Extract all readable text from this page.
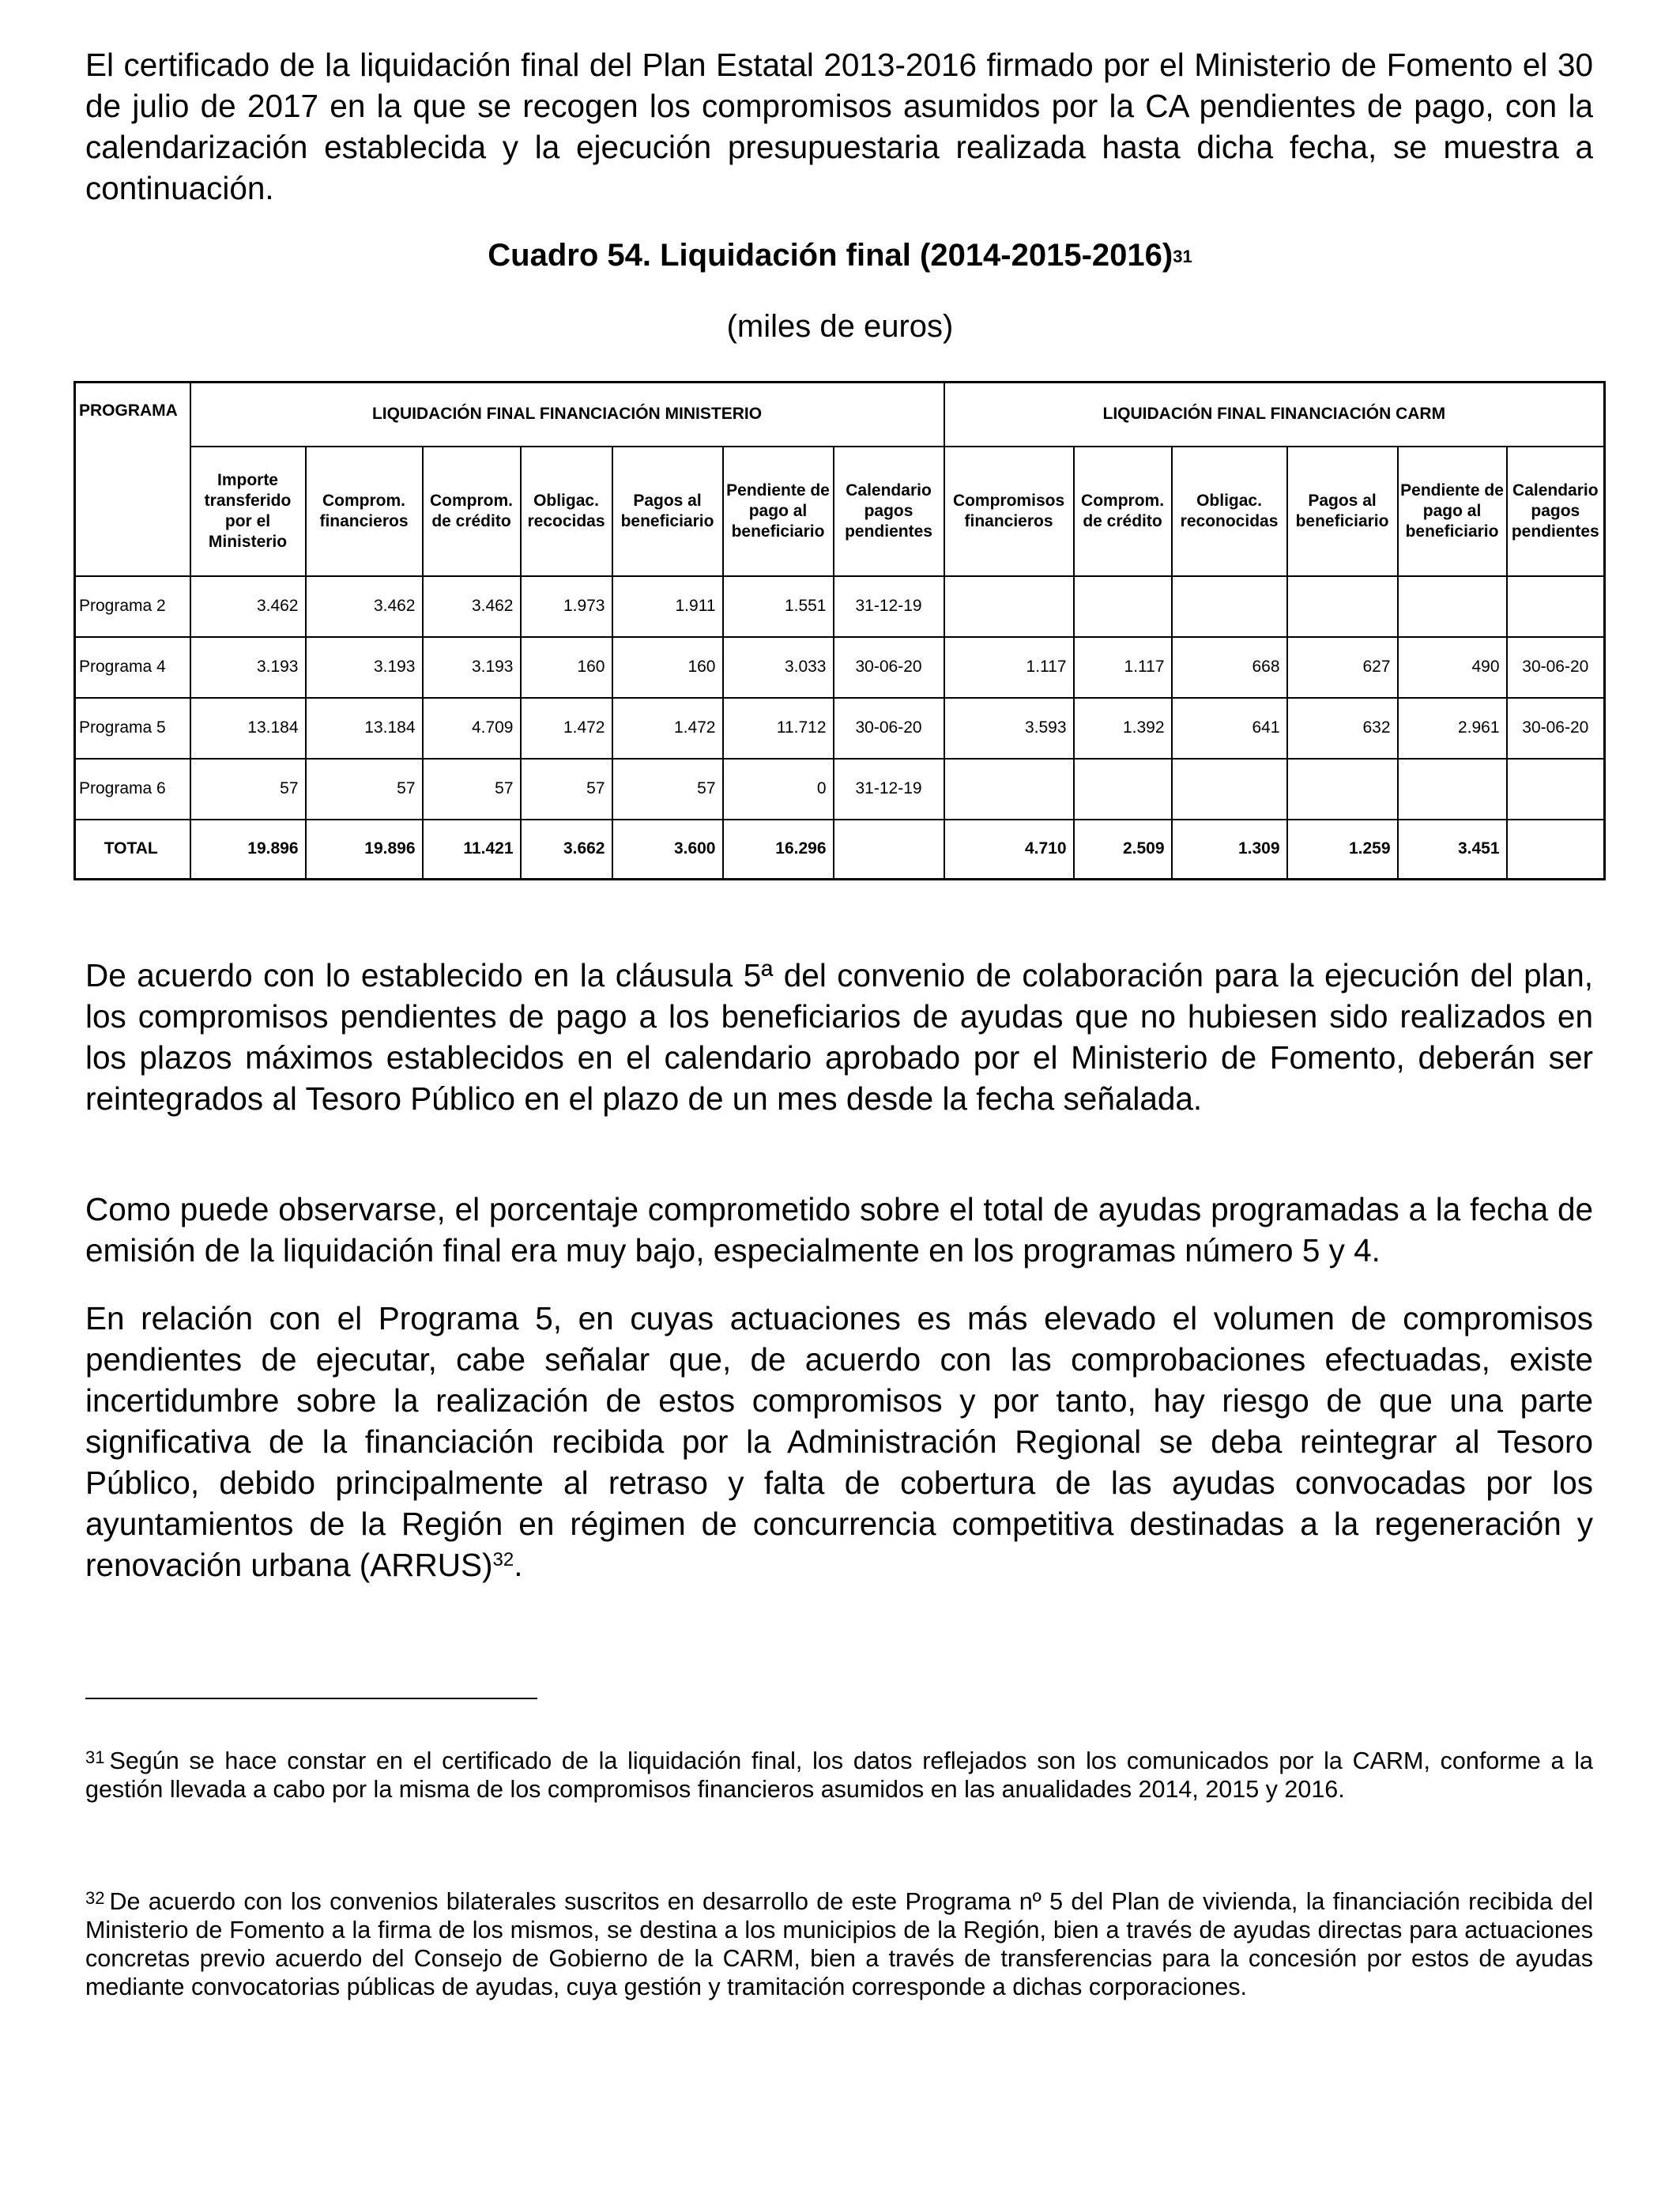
El certificado de la liquidación final del Plan Estatal 2013-2016 firmado por el Ministerio de Fomento el 30 de julio de 2017 en la que se recogen los compromisos asumidos por la CA pendientes de pago, con la calendarización establecida y la ejecución presupuestaria realizada hasta dicha fecha, se muestra a continuación.

Cuadro 54. Liquidación final $(2014-2015-2016)^{31}$
(miles de euros)
PROGRAMA	LIQUIDACIÓN FINAL FINANCIACIÓN MINISTERIO							LIQUIDACIÓN FINAL FINANCIACIÓN CARM					
	Importe transferido por el Ministerio	Comprom. financieros	Comprom. de crédito	Obligac. recocidas	Pagos al beneficiario	Pendiente de pago al beneficiario	Calendario pagos pendientes	Compromisos financieros	Comprom. de crédito	Obligac. reconocidas	Pagos al beneficiario	Pendiente de pago al beneficiario	Calendario pagos pendientes
Programa 2	3.462	3.462	3.462	1.973	1.911	1.551	31-12-19						
Programa 4	3.193	3.193	3.193	160	160	3.033	30-06-20	1.117	1.117	668	627	490	30-06-20
Programa 5	13.184	13.184	4.709	1.472	1.472	11.712	30-06-20	3.593	1.392	641	632	2.961	30-06-20
Programa 6	57	57	57	57	57	0	31-12-19						
TOTAL	19.896	19.896	11.421	3.662	3.600	16.296		4.710	2.509	1.309	1.259	3.451	

De acuerdo con lo establecido en la cláusula 5ª del convenio de colaboración para la ejecución del plan, los compromisos pendientes de pago a los beneficiarios de ayudas que no hubiesen sido realizados en los plazos máximos establecidos en el calendario aprobado por el Ministerio de Fomento, deberán ser reintegrados al Tesoro Público en el plazo de un mes desde la fecha señalada.

Como puede observarse, el porcentaje comprometido sobre el total de ayudas programadas a la fecha de emisión de la liquidación final era muy bajo, especialmente en los programas número 5 y 4.

En relación con el Programa 5, en cuyas actuaciones es más elevado el volumen de compromisos pendientes de ejecutar, cabe señalar que, de acuerdo con las comprobaciones efectuadas, existe incertidumbre sobre la realización de estos compromisos y por tanto, hay riesgo de que una parte significativa de la financiación recibida por la Administración Regional se deba reintegrar al Tesoro Público, debido principalmente al retraso y falta de cobertura de las ayudas convocadas por los ayuntamientos de la Región en régimen de concurrencia competitiva destinadas a la regeneración y renovación urbana (ARRUS)$^{32}$.

$^{31}$ Según se hace constar en el certificado de la liquidación final, los datos reflejados son los comunicados por la CARM, conforme a la gestión llevada a cabo por la misma de los compromisos financieros asumidos en las anualidades 2014, 2015 y 2016.

$^{32}$ De acuerdo con los convenios bilaterales suscritos en desarrollo de este Programa nº 5 del Plan de vivienda, la financiación recibida del Ministerio de Fomento a la firma de los mismos, se destina a los municipios de la Región, bien a través de ayudas directas para actuaciones concretas previo acuerdo del Consejo de Gobierno de la CARM, bien a través de transferencias para la concesión por estos de ayudas mediante convocatorias públicas de ayudas, cuya gestión y tramitación corresponde a dichas corporaciones.
